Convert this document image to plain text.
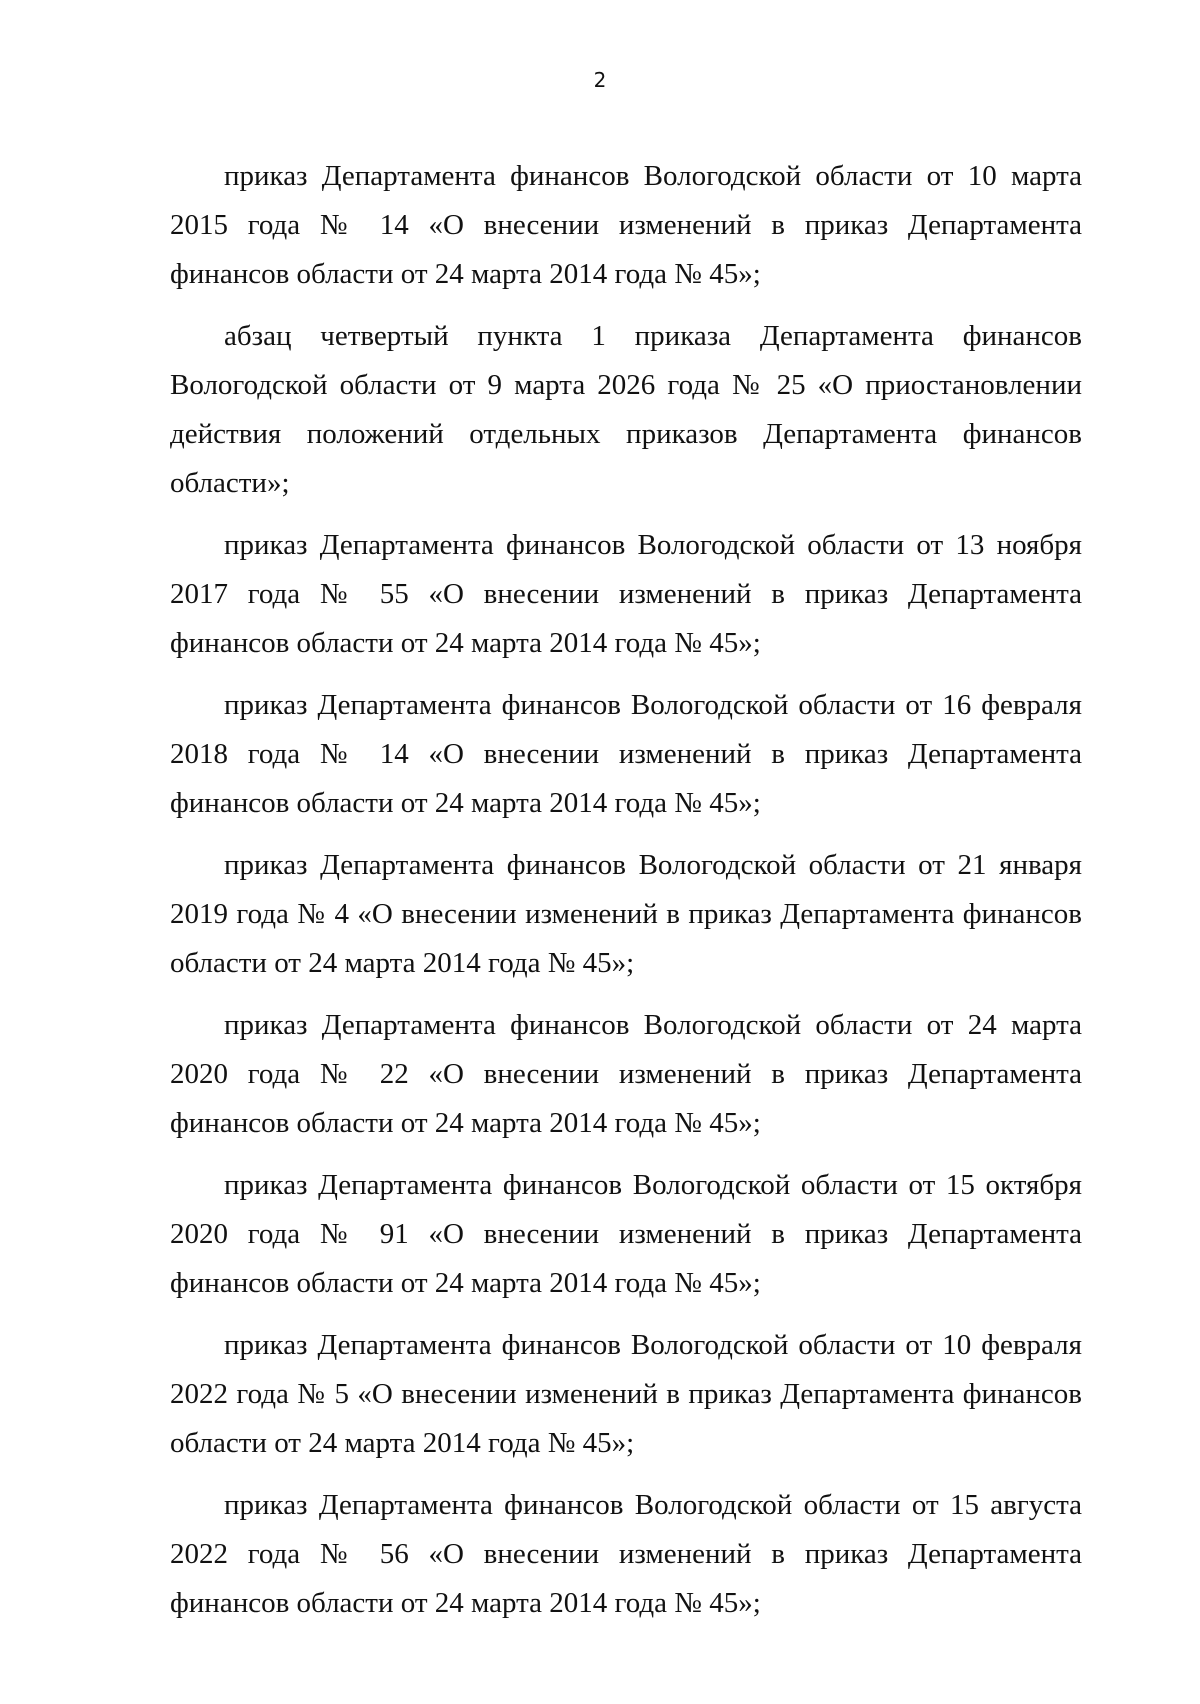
2

приказ Департамента финансов Вологодской области от 10 марта 2015 года № 14 «О внесении изменений в приказ Департамента финансов области от 24 марта 2014 года № 45»;

абзац четвертый пункта 1 приказа Департамента финансов Вологодской области от 9 марта 2026 года № 25 «О приостановлении действия положений отдельных приказов Департамента финансов области»;

приказ Департамента финансов Вологодской области от 13 ноября 2017 года № 55 «О внесении изменений в приказ Департамента финансов области от 24 марта 2014 года № 45»;

приказ Департамента финансов Вологодской области от 16 февраля 2018 года № 14 «О внесении изменений в приказ Департамента финансов области от 24 марта 2014 года № 45»;

приказ Департамента финансов Вологодской области от 21 января 2019 года № 4 «О внесении изменений в приказ Департамента финансов области от 24 марта 2014 года № 45»;

приказ Департамента финансов Вологодской области от 24 марта 2020 года № 22 «О внесении изменений в приказ Департамента финансов области от 24 марта 2014 года № 45»;

приказ Департамента финансов Вологодской области от 15 октября 2020 года № 91 «О внесении изменений в приказ Департамента финансов области от 24 марта 2014 года № 45»;

приказ Департамента финансов Вологодской области от 10 февраля 2022 года № 5 «О внесении изменений в приказ Департамента финансов области от 24 марта 2014 года № 45»;

приказ Департамента финансов Вологодской области от 15 августа 2022 года № 56 «О внесении изменений в приказ Департамента финансов области от 24 марта 2014 года № 45»;
